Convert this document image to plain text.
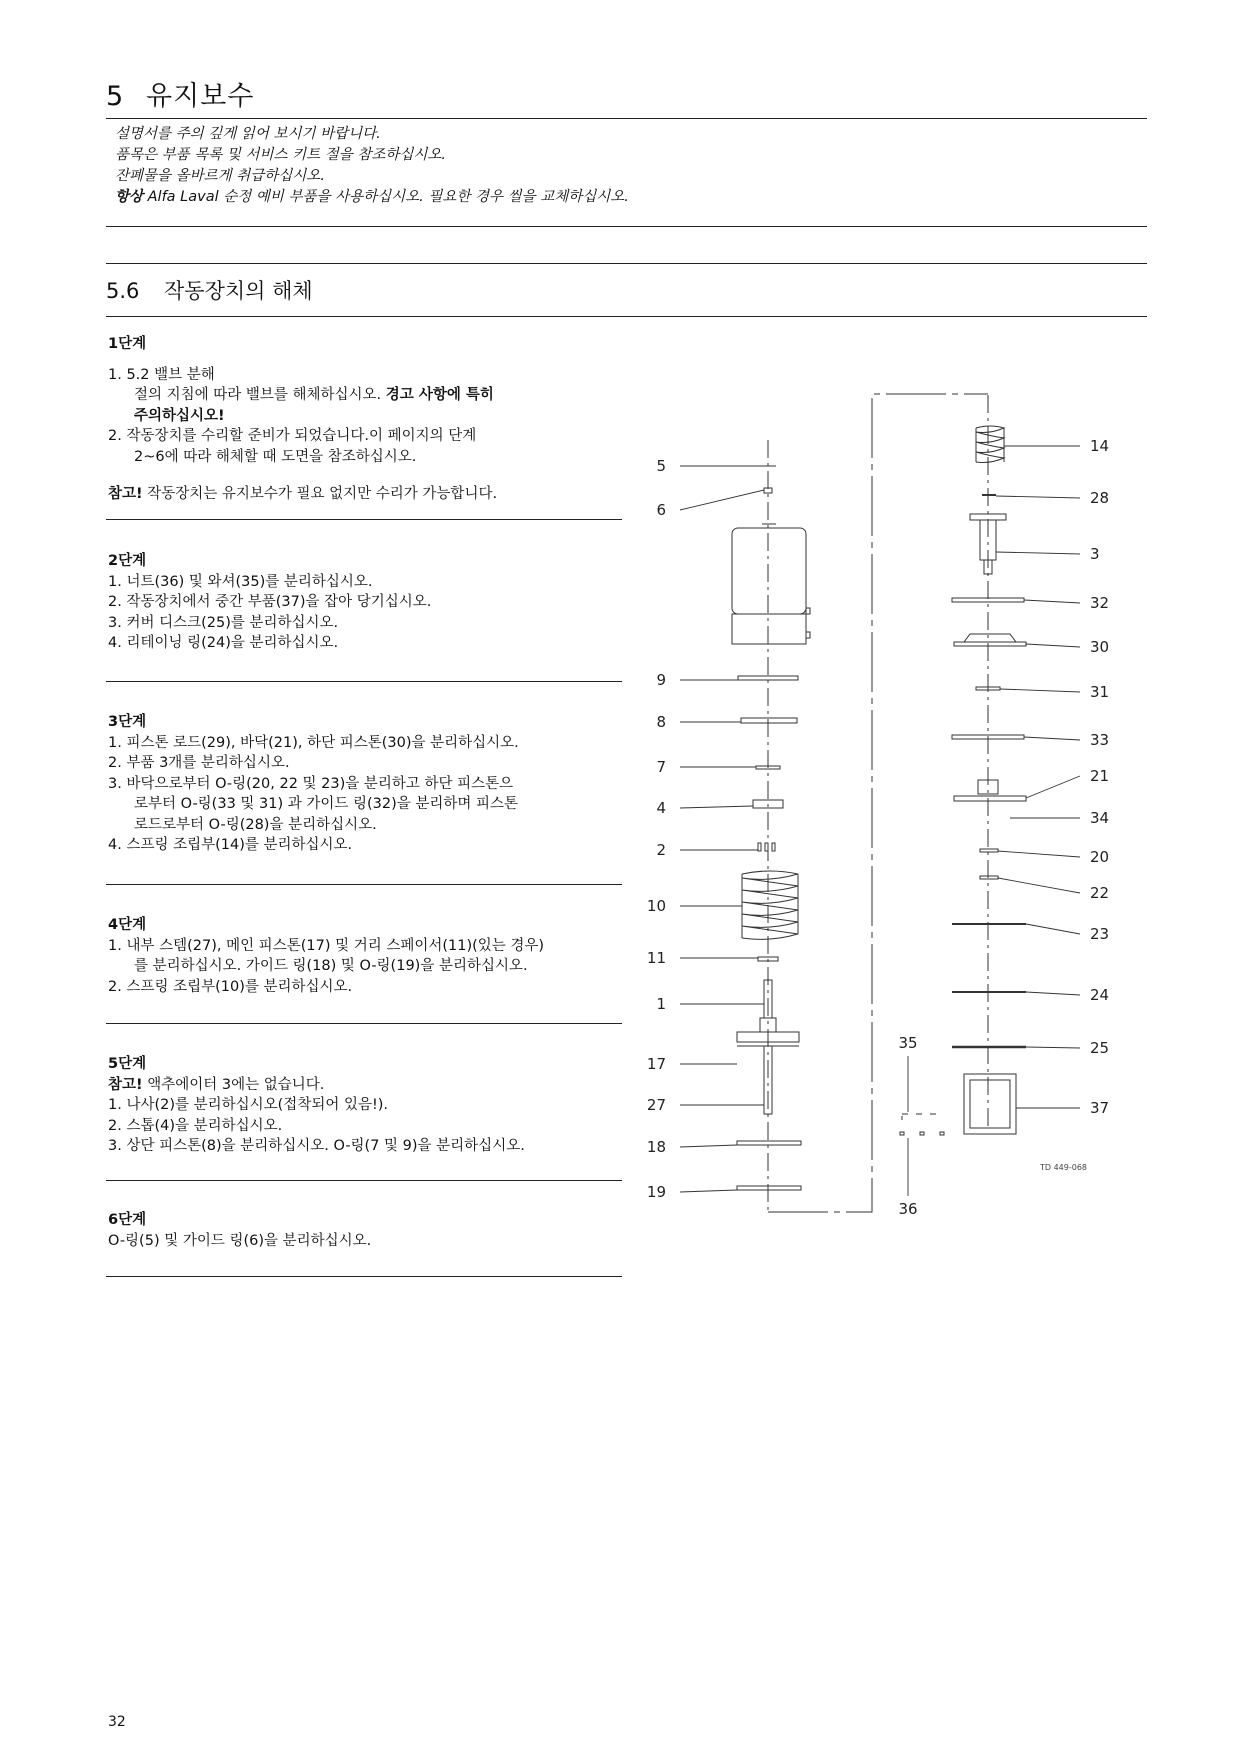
5 유지보수
설명서를 주의 깊게 읽어 보시기 바랍니다.
품목은 부품 목록 및 서비스 키트 절을 참조하십시오.
잔폐물을 올바르게 취급하십시오.
항상 Alfa Laval 순정 예비 부품을 사용하십시오. 필요한 경우 씰을 교체하십시오.
5.6 작동장치의 해체
1단계
1. 5.2 밸브 분해
절의 지침에 따라 밸브를 해체하십시오. 경고 사항에 특히
주의하십시오!
2. 작동장치를 수리할 준비가 되었습니다.이 페이지의 단계
2~6에 따라 해체할 때 도면을 참조하십시오.
참고! 작동장치는 유지보수가 필요 없지만 수리가 가능합니다.
2단계
1. 너트(36) 및 와셔(35)를 분리하십시오.
2. 작동장치에서 중간 부품(37)을 잡아 당기십시오.
3. 커버 디스크(25)를 분리하십시오.
4. 리테이닝 링(24)을 분리하십시오.
3단계
1. 피스톤 로드(29), 바닥(21), 하단 피스톤(30)을 분리하십시오.
2. 부품 3개를 분리하십시오.
3. 바닥으로부터 O-링(20, 22 및 23)을 분리하고 하단 피스톤으
로부터 O-링(33 및 31) 과 가이드 링(32)을 분리하며 피스톤
로드로부터 O-링(28)을 분리하십시오.
4. 스프링 조립부(14)를 분리하십시오.
4단계
1. 내부 스템(27), 메인 피스톤(17) 및 거리 스페이서(11)(있는 경우)
를 분리하십시오. 가이드 링(18) 및 O-링(19)을 분리하십시오.
2. 스프링 조립부(10)를 분리하십시오.
5단계
참고! 액추에이터 3에는 없습니다.
1. 나사(2)를 분리하십시오(접착되어 있음!).
2. 스톱(4)을 분리하십시오.
3. 상단 피스톤(8)을 분리하십시오. O-링(7 및 9)을 분리하십시오.
6단계
O-링(5) 및 가이드 링(6)을 분리하십시오.
5
6
9
8
7
4
2
10
11
1
17
27
18
19
14
28
3
32
30
31
33
21
34
20
22
23
24
25
37
35
36
TD 449-068
32
